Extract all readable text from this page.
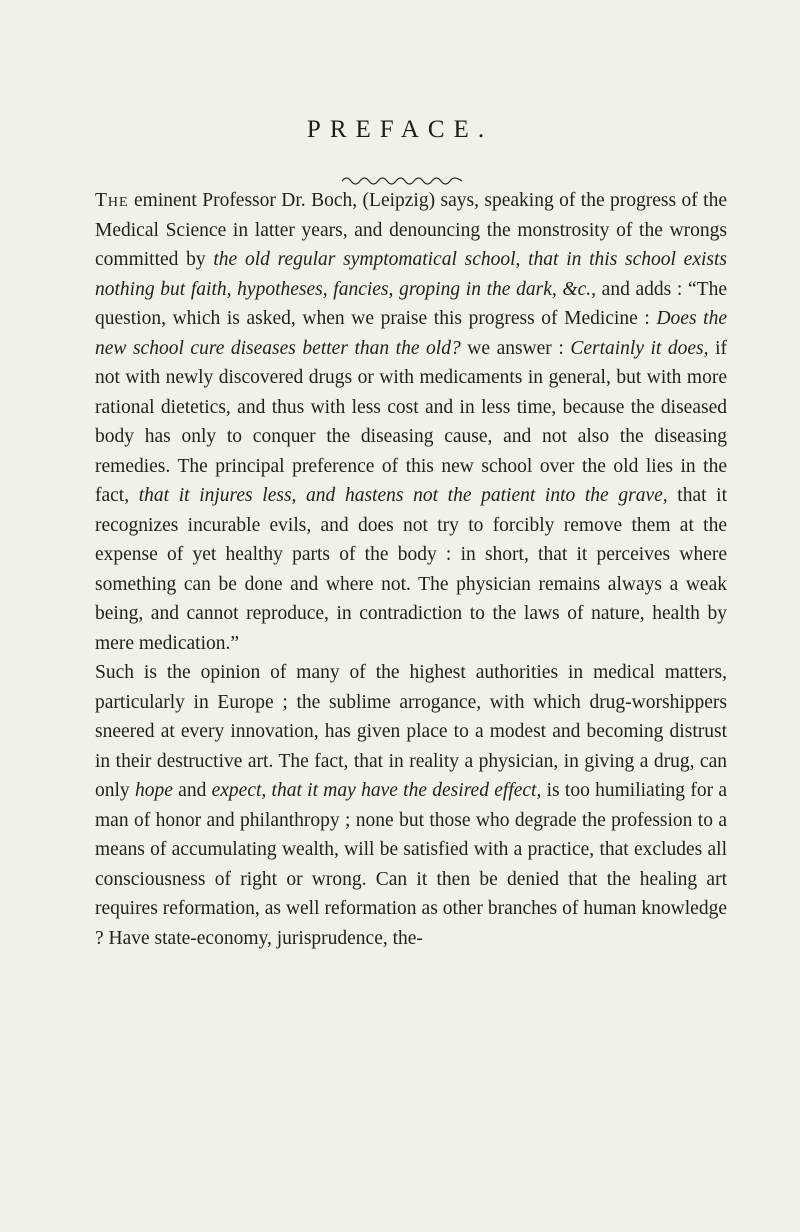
PREFACE.

The eminent Professor Dr. Boch, (Leipzig) says, speaking of the progress of the Medical Science in latter years, and denouncing the monstrosity of the wrongs committed by the old regular symptomatical school, that in this school exists nothing but faith, hypotheses, fancies, groping in the dark, &c., and adds : “The question, which is asked, when we praise this progress of Medicine : Does the new school cure diseases better than the old? we answer : Certainly it does, if not with newly discovered drugs or with medicaments in general, but with more rational dietetics, and thus with less cost and in less time, because the diseased body has only to conquer the diseasing cause, and not also the diseasing remedies. The principal preference of this new school over the old lies in the fact, that it injures less, and hastens not the patient into the grave, that it recognizes incurable evils, and does not try to forcibly remove them at the expense of yet healthy parts of the body : in short, that it perceives where something can be done and where not. The physician remains always a weak being, and cannot reproduce, in contradiction to the laws of nature, health by mere medication.”

Such is the opinion of many of the highest authorities in medical matters, particularly in Europe ; the sublime arrogance, with which drug-worshippers sneered at every innovation, has given place to a modest and becoming distrust in their destructive art. The fact, that in reality a physician, in giving a drug, can only hope and expect, that it may have the desired effect, is too humiliating for a man of honor and philanthropy ; none but those who degrade the profession to a means of accumulating wealth, will be satisfied with a practice, that excludes all consciousness of right or wrong. Can it then be denied that the healing art requires reformation, as well reformation as other branches of human knowledge ? Have state-economy, jurisprudence, the-
